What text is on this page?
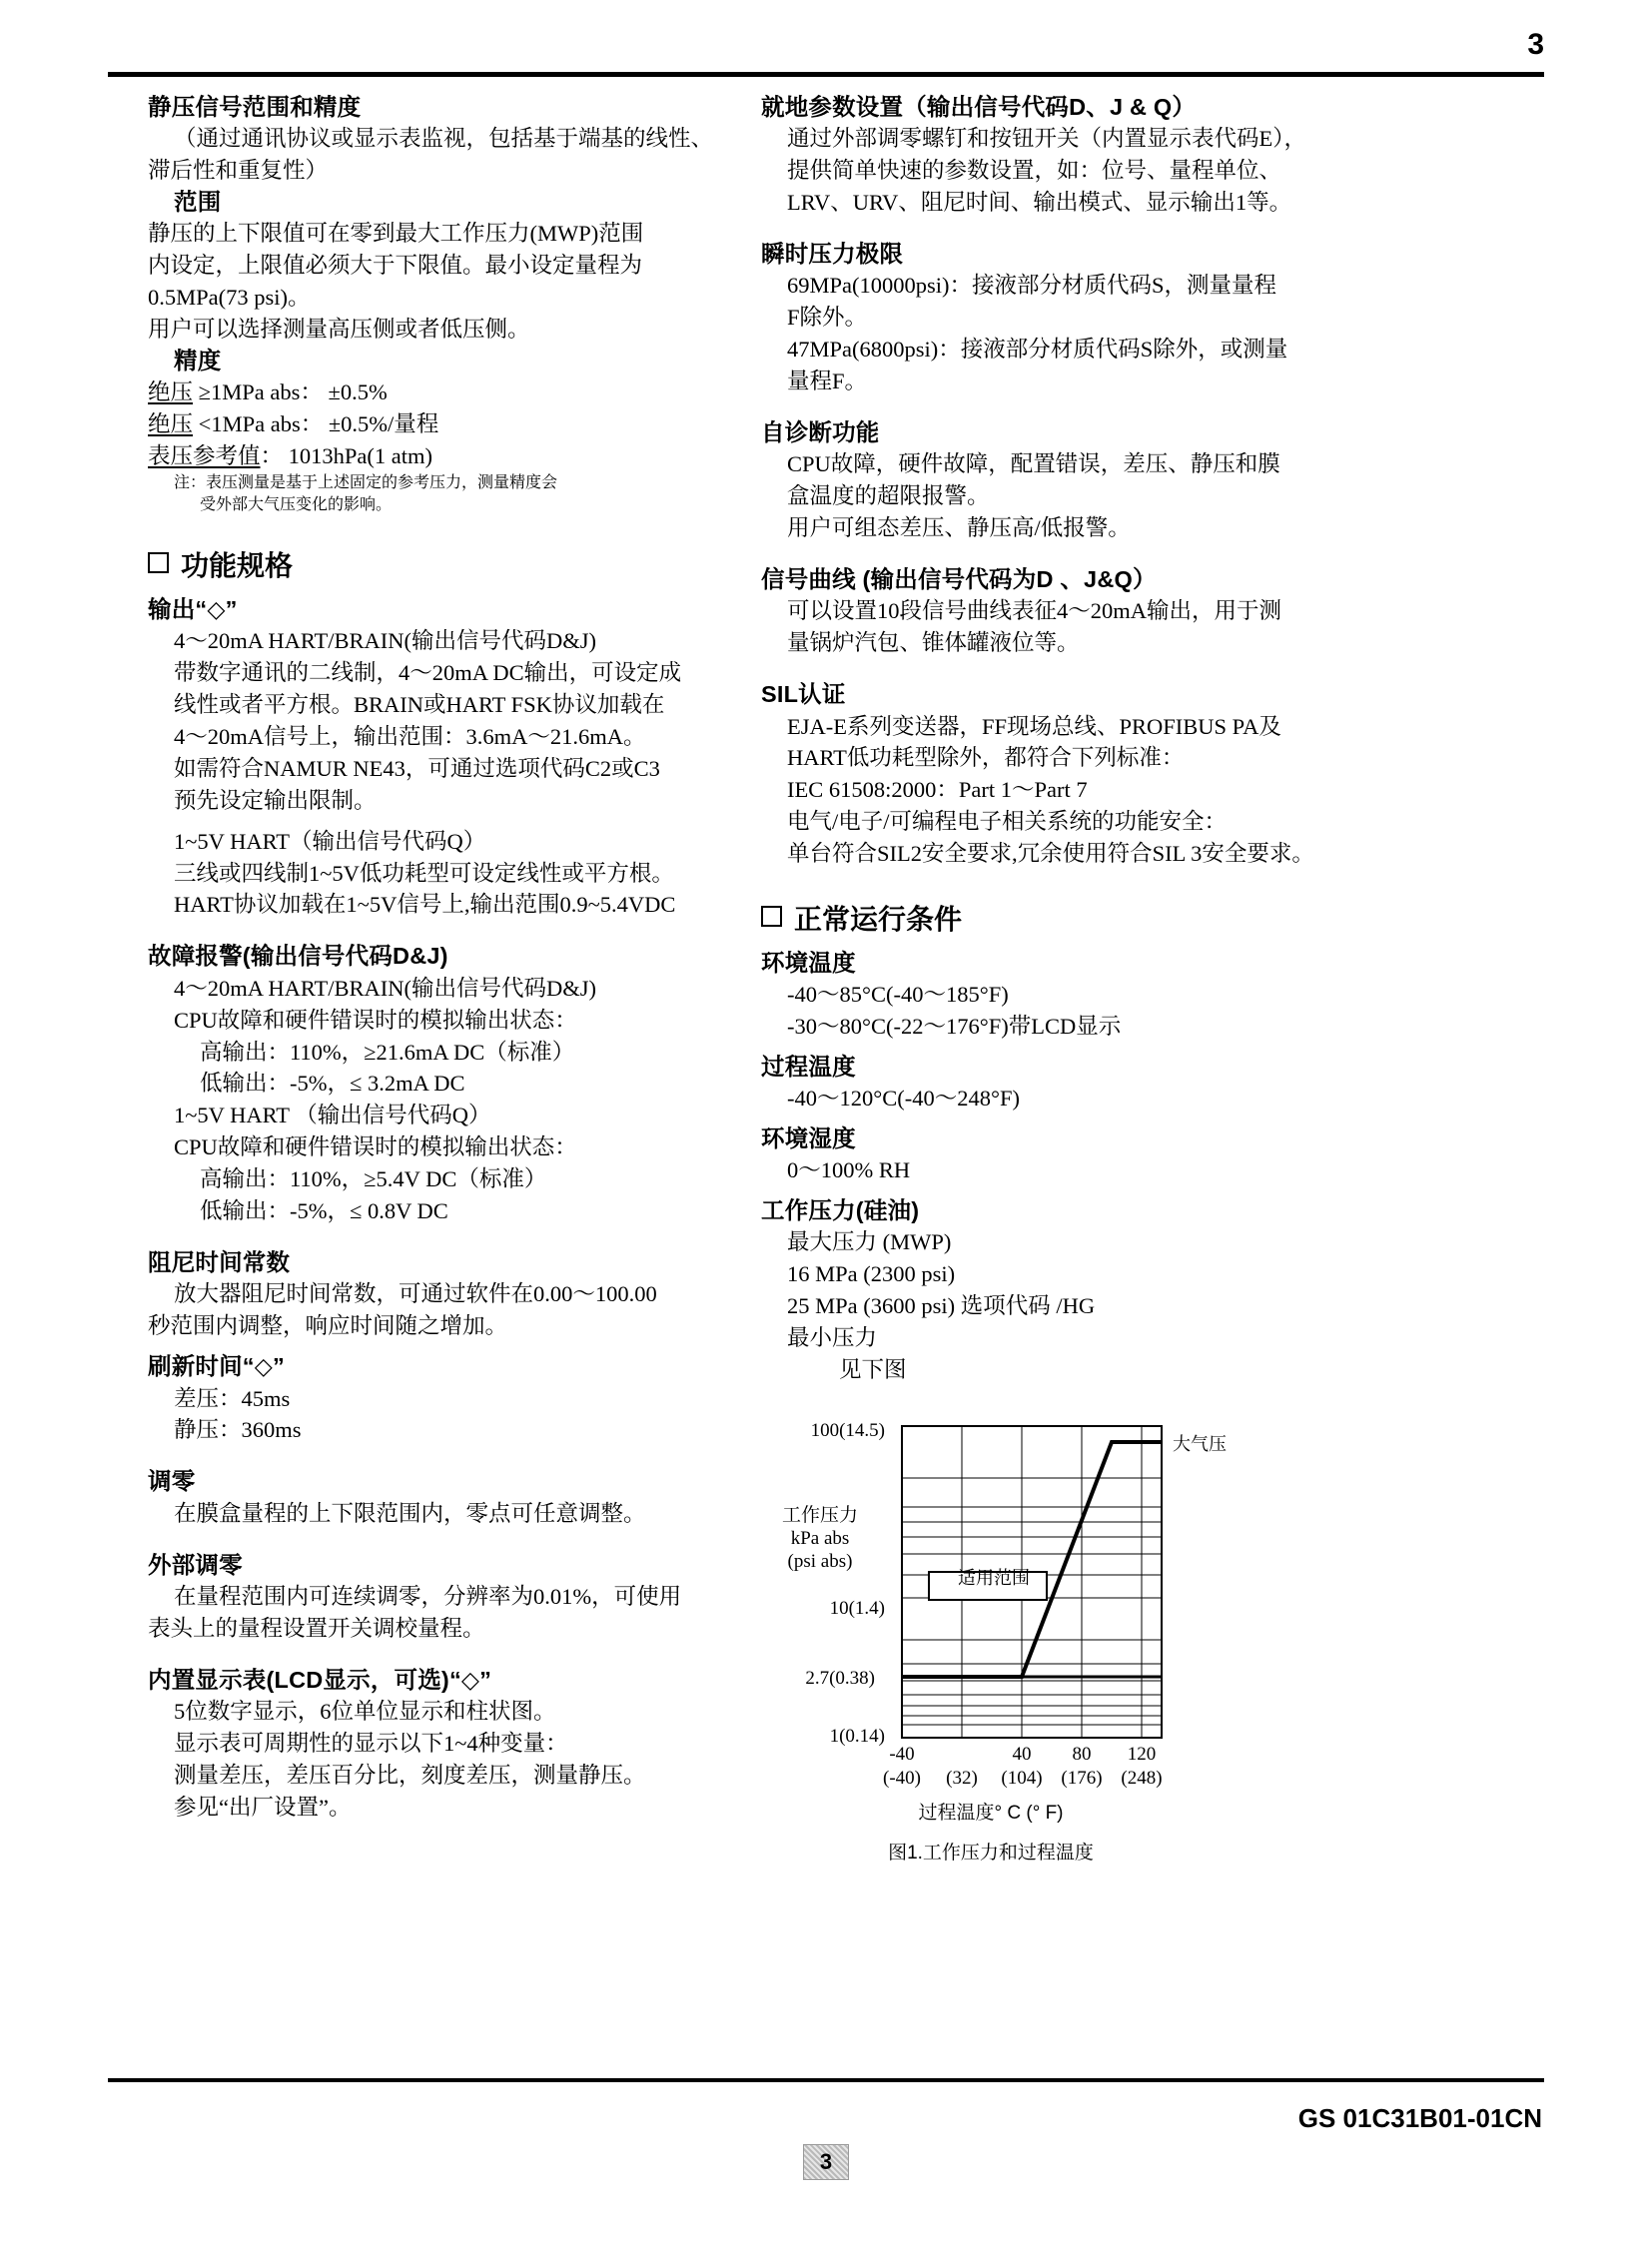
3
静压信号范围和精度
（通过通讯协议或显示表监视，包括基于端基的线性、
滞后性和重复性）
范围
静压的上下限值可在零到最大工作压力(MWP)范围
内设定，上限值必须大于下限值。最小设定量程为
0.5MPa(73 psi)。
用户可以选择测量高压侧或者低压侧。
精度
绝压 ≥1MPa abs： ±0.5%
绝压 <1MPa abs： ±0.5%/量程
表压参考值： 1013hPa(1 atm)
注：表压测量是基于上述固定的参考压力，测量精度会
受外部大气压变化的影响。
功能规格
输出“◇”
4～20mA HART/BRAIN(输出信号代码D&J)
带数字通讯的二线制，4～20mA DC输出，可设定成
线性或者平方根。BRAIN或HART FSK协议加载在
4～20mA信号上，输出范围：3.6mA～21.6mA。
如需符合NAMUR NE43，可通过选项代码C2或C3
预先设定输出限制。
1~5V HART（输出信号代码Q）
三线或四线制1~5V低功耗型可设定线性或平方根。
HART协议加载在1~5V信号上,输出范围0.9~5.4VDC
故障报警(输出信号代码D&J)
4～20mA HART/BRAIN(输出信号代码D&J)
CPU故障和硬件错误时的模拟输出状态：
高输出：110%，≥21.6mA DC（标准）
低输出：-5%，≤ 3.2mA DC
1~5V HART （输出信号代码Q）
CPU故障和硬件错误时的模拟输出状态：
高输出：110%，≥5.4V DC（标准）
低输出：-5%，≤ 0.8V DC
阻尼时间常数
放大器阻尼时间常数，可通过软件在0.00～100.00
秒范围内调整，响应时间随之增加。
刷新时间“◇”
差压：45ms
静压：360ms
调零
在膜盒量程的上下限范围内，零点可任意调整。
外部调零
在量程范围内可连续调零，分辨率为0.01%，可使用
表头上的量程设置开关调校量程。
内置显示表(LCD显示，可选)“◇”
5位数字显示，6位单位显示和柱状图。
显示表可周期性的显示以下1~4种变量：
测量差压，差压百分比，刻度差压，测量静压。
参见“出厂设置”。
就地参数设置（输出信号代码D、J & Q）
通过外部调零螺钉和按钮开关（内置显示表代码E），
提供简单快速的参数设置，如：位号、量程单位、
LRV、URV、阻尼时间、输出模式、显示输出1等。
瞬时压力极限
69MPa(10000psi)：接液部分材质代码S，测量量程
F除外。
47MPa(6800psi)：接液部分材质代码S除外，或测量
量程F。
自诊断功能
CPU故障，硬件故障，配置错误，差压、静压和膜
盒温度的超限报警。
用户可组态差压、静压高/低报警。
信号曲线 (输出信号代码为D 、J&Q）
可以设置10段信号曲线表征4～20mA输出，用于测
量锅炉汽包、锥体罐液位等。
SIL认证
EJA-E系列变送器，FF现场总线、PROFIBUS PA及
HART低功耗型除外，都符合下列标准：
IEC 61508:2000：Part 1～Part 7
电气/电子/可编程电子相关系统的功能安全：
单台符合SIL2安全要求,冗余使用符合SIL 3安全要求。
正常运行条件
环境温度
-40～85°C(-40～185°F)
-30～80°C(-22～176°F)带LCD显示
过程温度
-40～120°C(-40～248°F)
环境湿度
0～100% RH
工作压力(硅油)
最大压力 (MWP)
16 MPa (2300 psi)
25 MPa (3600 psi) 选项代码 /HG
最小压力
见下图
100(14.5)
工作压力
kPa abs
(psi abs)
10(1.4)
2.7(0.38)
1(0.14)
适用范围
大气压
-40	40	80	120
(-40)	(32)	(104) (176) (248)
过程温度° C (° F)
图1.工作压力和过程温度
GS 01C31B01-01CN
3
